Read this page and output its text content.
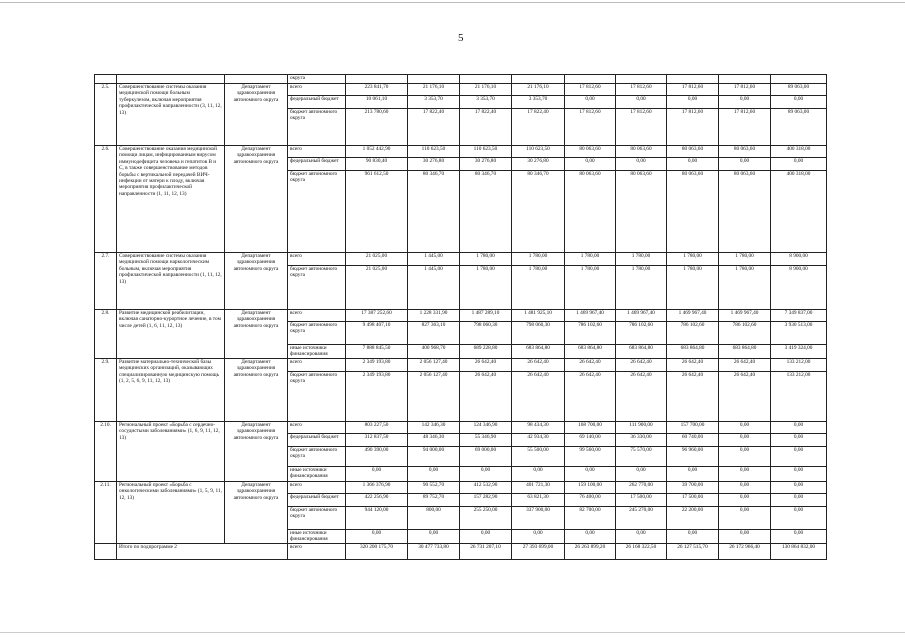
5
			округа									
2.5.	Совершенствование системы оказания медицинской помощи больным туберкулезом, включая мероприятия профилактической направленности (3, 11, 12, 13)	Департамент здравоохранения автономного округа	всего	223 841,70	21 176,10	21 176,10	21 176,10	17 812,60	17 812,60	17 812,60	17 812,60	89 063,00
			федеральный бюджет	10 061,10	3 353,70	3 353,70	3 353,70	0,00	0,00	0,00	0,00	0,00
			бюджет автономного округа	213 780,60	17 822,40	17 822,40	17 822,40	17 812,60	17 812,60	17 812,60	17 812,60	89 063,00
2.6.	Совершенствование оказания медицинской помощи лицам, инфицированным вирусом иммунодефицита человека и гепатитов В и С, в также совершенствование методов борьбы с вертикальной передачей ВИЧ-инфекции от матери к плоду, включая мероприятия профилактической направленности (1, 11, 12, 13)	Департамент здравоохранения автономного округа	всего	1 052 442,90	110 623,50	110 623,50	110 623,50	80 063,60	80 063,60	80 063,60	80 063,60	400 318,00
			федеральный бюджет	90 830,40	30 276,80	30 276,80	30 276,80	0,00	0,00	0,00	0,00	0,00
			бюджет автономного округа	961 612,50	80 346,70	80 346,70	80 346,70	80 063,60	80 063,60	80 063,60	80 063,60	400 318,00
2.7.	Совершенствование системы оказания медицинской помощи наркологическим больным, включая мероприятия профилактической направленности (1, 11, 12, 13)	Департамент здравоохранения автономного округа	всего	21 025,00	1 445,00	1 780,00	1 780,00	1 780,00	1 780,00	1 780,00	1 780,00	8 900,00
			бюджет автономного округа	21 025,00	1 445,00	1 780,00	1 780,00	1 780,00	1 780,00	1 780,00	1 780,00	8 900,00
2.8.	Развитие медицинской реабилитации, включая санаторно-курортное лечение, в том числе детей (1, 6, 11, 12, 13)	Департамент здравоохранения автономного округа	всего	17 387 252,60	1 228 331,90	1 487 289,10	1 481 925,10	1 469 967,40	1 469 967,40	1 469 967,40	1 469 967,40	7 349 837,00
			бюджет автономного округа	9 498 407,10	827 363,10	798 060,30	798 060,30	786 102,60	786 102,60	786 102,60	786 102,60	3 930 513,00
			иные источники финансирования	7 888 845,50	400 968,70	689 228,80	683 864,80	683 864,80	683 864,80	683 864,80	683 864,80	3 419 324,00
2.9.	Развитие материально-технической базы медицинских организаций, оказывающих специализированную медицинскую помощь (1, 2, 5, 6, 9, 11, 12, 13)	Департамент здравоохранения автономного округа	всего	2 349 193,80	2 056 127,40	26 642,40	26 642,40	26 642,40	26 642,40	26 642,40	26 642,40	133 212,00
			бюджет автономного округа	2 349 193,80	2 056 127,40	26 642,40	26 642,40	26 642,40	26 642,40	26 642,40	26 642,40	133 212,00
2.10.	Региональный проект «Борьба с сердечно-сосудистыми заболеваниями» (1, 6, 9, 11, 12, 13)	Департамент здравоохранения автономного округа	всего	803 227,50	142 346,30	124 346,90	98 434,30	168 700,00	111 900,00	157 700,00	0,00	0,00
			федеральный бюджет	312 837,50	48 346,30	55 346,90	42 934,30	69 140,00	36 330,00	60 740,00	0,00	0,00
			бюджет автономного округа	490 390,00	94 000,00	69 000,00	55 500,00	99 560,00	75 570,00	96 960,00	0,00	0,00
			иные источники финансирования	0,00	0,00	0,00	0,00	0,00	0,00	0,00	0,00	0,00
2.11.	Региональный проект «Борьба с онкологическими заболеваниями» (1, 5, 9, 11, 12, 13)	Департамент здравоохранения автономного округа	всего	1 366 376,90	90 552,70	412 532,90	401 721,30	159 100,00	262 770,00	39 700,00	0,00	0,00
			федеральный бюджет	422 256,90	89 752,70	157 282,90	63 821,30	76 400,00	17 500,00	17 500,00	0,00	0,00
			бюджет автономного округа	944 120,00	800,00	255 250,00	337 900,00	82 700,00	245 270,00	22 200,00	0,00	0,00
			иные источники финансирования	0,00	0,00	0,00	0,00	0,00	0,00	0,00	0,00	0,00
	Итого по подпрограмме 2		всего	320 200 175,70	30 477 733,80	26 731 207,10	27 393 699,00	26 263 899,20	26 168 322,50	26 127 515,70	26 172 966,40	130 864 832,00
